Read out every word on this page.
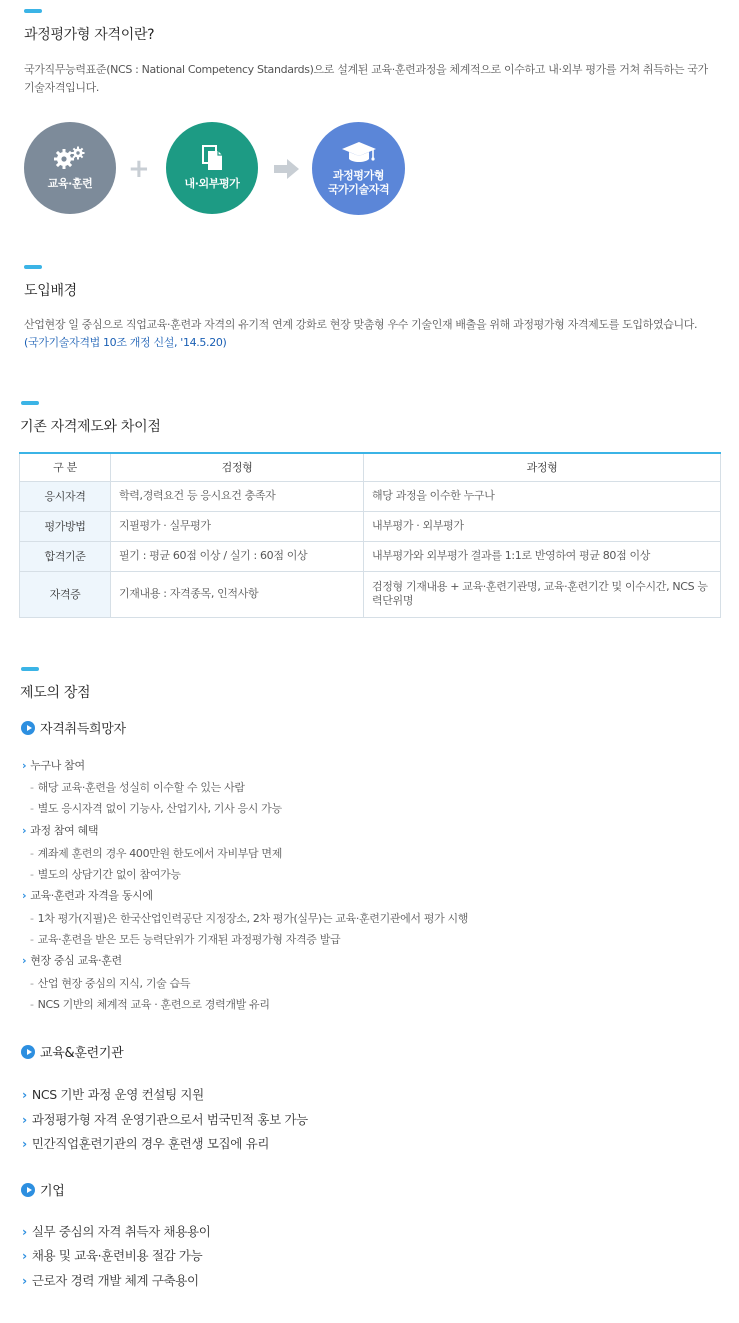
과정평가형 자격이란?
국가직무능력표준(NCS : National Competency Standards)으로 설계된 교육·훈련과정을 체계적으로 이수하고 내·외부 평가를 거쳐 취득하는 국가기술자격입니다.
교육·훈련 +	내·외부평가
과정평가형
국가기술자격
도입배경
산업현장 일 중심으로 직업교육·훈련과 자격의 유기적 연계 강화로 현장 맞춤형 우수 기술인재 배출을 위해 과정평가형 자격제도를 도입하였습니다.
(국가기술자격법 10조 개정 신설, '14.5.20)
기존 자격제도와 차이점
구 분	검정형	과정형
응시자격	학력,경력요건 등 응시요건 충족자	해당 과정을 이수한 누구나
평가방법	지필평가 · 실무평가	내부평가 · 외부평가
합격기준	필기 : 평균 60점 이상 / 실기 : 60점 이상	내부평가와 외부평가 결과를 1:1로 반영하여 평균 80점 이상
자격증	기재내용 : 자격종목, 인적사항	검정형 기재내용 + 교육·훈련기관명, 교육·훈련기간 및 이수시간, NCS 능력단위명
제도의 장점
자격취득희망자
› 누구나 참여
- 해당 교육·훈련을 성실히 이수할 수 있는 사람
- 별도 응시자격 없이 기능사, 산업기사, 기사 응시 가능
› 과정 참여 혜택
- 계좌제 훈련의 경우 400만원 한도에서 자비부담 면제
- 별도의 상담기간 없이 참여가능
› 교육·훈련과 자격을 동시에
- 1차 평가(지필)은 한국산업인력공단 지정장소, 2차 평가(실무)는 교육·훈련기관에서 평가 시행
- 교육·훈련을 받은 모든 능력단위가 기재된 과정평가형 자격증 발급
› 현장 중심 교육·훈련
- 산업 현장 중심의 지식, 기술 습득
- NCS 기반의 체계적 교육 · 훈련으로 경력개발 유리
교육&훈련기관
› NCS 기반 과정 운영 컨설팅 지원
› 과정평가형 자격 운영기관으로서 범국민적 홍보 가능
› 민간직업훈련기관의 경우 훈련생 모집에 유리
기업
› 실무 중심의 자격 취득자 채용용이
› 채용 및 교육·훈련비용 절감 가능
› 근로자 경력 개발 체계 구축용이
